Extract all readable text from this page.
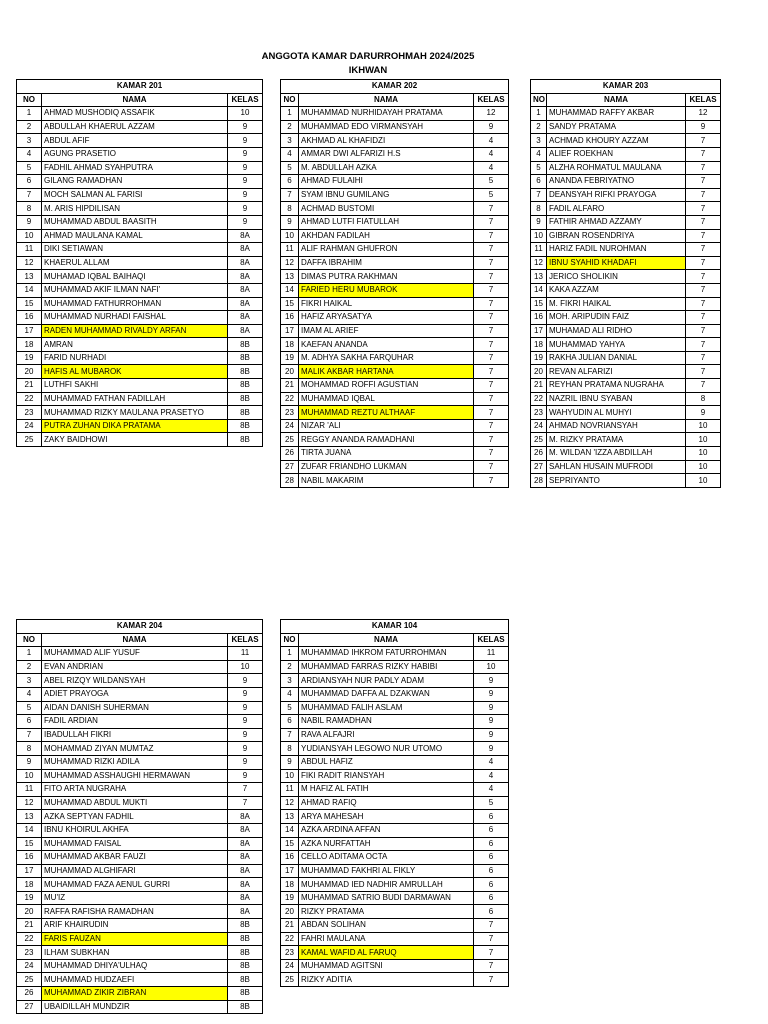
ANGGOTA KAMAR DARURROHMAH 2024/2025
IKHWAN
KAMAR 201		
NO	NAMA	KELAS
1	AHMAD MUSHODIQ ASSAFIK	10
2	ABDULLAH KHAERUL AZZAM	9
3	ABDUL AFIF	9
4	AGUNG PRASETIO	9
5	FADHIL AHMAD SYAHPUTRA	9
6	GILANG RAMADHAN	9
7	MOCH SALMAN AL FARISI	9
8	M. ARIS HIPDILISAN	9
9	MUHAMMAD ABDUL BAASITH	9
10	AHMAD MAULANA KAMAL	8A
11	DIKI SETIAWAN	8A
12	KHAERUL ALLAM	8A
13	MUHAMAD IQBAL BAIHAQI	8A
14	MUHAMMAD AKIF ILMAN NAFI'	8A
15	MUHAMMAD FATHURROHMAN	8A
16	MUHAMMAD NURHADI FAISHAL	8A
17	RADEN MUHAMMAD RIVALDY ARFAN	8A
18	AMRAN	8B
19	FARID NURHADI	8B
20	HAFIS AL MUBAROK	8B
21	LUTHFI SAKHI	8B
22	MUHAMMAD FATHAN FADILLAH	8B
23	MUHAMMAD RIZKY MAULANA PRASETYO	8B
24	PUTRA ZUHAN DIKA PRATAMA	8B
25	ZAKY BAIDHOWI	8B
KAMAR 202		
NO	NAMA	KELAS
1	MUHAMMAD NURHIDAYAH PRATAMA	12
2	MUHAMMAD EDO VIRMANSYAH	9
3	AKHMAD AL KHAFIDZI	4
4	AMMAR DWI ALFARIZI H.S	4
5	M. ABDULLAH AZKA	4
6	AHMAD FULAIHI	5
7	SYAM IBNU GUMILANG	5
8	ACHMAD BUSTOMI	7
9	AHMAD LUTFI FIATULLAH	7
10	AKHDAN FADILAH	7
11	ALIF RAHMAN GHUFRON	7
12	DAFFA IBRAHIM	7
13	DIMAS PUTRA RAKHMAN	7
14	FARIED HERU MUBAROK	7
15	FIKRI HAIKAL	7
16	HAFIZ ARYASATYA	7
17	IMAM AL ARIEF	7
18	KAEFAN ANANDA	7
19	M. ADHYA SAKHA FARQUHAR	7
20	MALIK AKBAR HARTANA	7
21	MOHAMMAD ROFFI AGUSTIAN	7
22	MUHAMMAD IQBAL	7
23	MUHAMMAD REZTU ALTHAAF	7
24	NIZAR 'ALI	7
25	REGGY ANANDA RAMADHANI	7
26	TIRTA JUANA	7
27	ZUFAR FRIANDHO LUKMAN	7
28	NABIL MAKARIM	7
KAMAR 203		
NO	NAMA	KELAS
1	MUHAMMAD RAFFY AKBAR	12
2	SANDY PRATAMA	9
3	ACHMAD KHOURY AZZAM	7
4	ALIEF ROEKHAN	7
5	ALZHA ROHMATUL MAULANA	7
6	ANANDA FEBRIYATNO	7
7	DEANSYAH RIFKI PRAYOGA	7
8	FADIL ALFARO	7
9	FATHIR AHMAD AZZAMY	7
10	GIBRAN ROSENDRIYA	7
11	HARIZ FADIL NUROHMAN	7
12	IBNU SYAHID KHADAFI	7
13	JERICO SHOLIKIN	7
14	KAKA AZZAM	7
15	M. FIKRI HAIKAL	7
16	MOH. ARIPUDIN FAIZ	7
17	MUHAMAD ALI RIDHO	7
18	MUHAMMAD YAHYA	7
19	RAKHA JULIAN DANIAL	7
20	REVAN ALFARIZI	7
21	REYHAN PRATAMA NUGRAHA	7
22	NAZRIL IBNU SYABAN	8
23	WAHYUDIN AL MUHYI	9
24	AHMAD NOVRIANSYAH	10
25	M. RIZKY PRATAMA	10
26	M. WILDAN 'IZZA ABDILLAH	10
27	SAHLAN HUSAIN MUFRODI	10
28	SEPRIYANTO	10
KAMAR 204		
NO	NAMA	KELAS
1	MUHAMMAD ALIF YUSUF	11
2	EVAN ANDRIAN	10
3	ABEL RIZQY WILDANSYAH	9
4	ADIET PRAYOGA	9
5	AIDAN DANISH SUHERMAN	9
6	FADIL ARDIAN	9
7	IBADULLAH FIKRI	9
8	MOHAMMAD ZIYAN MUMTAZ	9
9	MUHAMMAD RIZKI ADILA	9
10	MUHAMMAD ASSHAUGHI HERMAWAN	9
11	FITO ARTA NUGRAHA	7
12	MUHAMMAD ABDUL MUKTI	7
13	AZKA SEPTYAN FADHIL	8A
14	IBNU KHOIRUL AKHFA	8A
15	MUHAMMAD FAISAL	8A
16	MUHAMMAD AKBAR FAUZI	8A
17	MUHAMMAD ALGHIFARI	8A
18	MUHAMMAD FAZA AENUL GURRI	8A
19	MU'IZ	8A
20	RAFFA RAFISHA RAMADHAN	8A
21	ARIF KHAIRUDIN	8B
22	FARIS FAUZAN	8B
23	ILHAM SUBKHAN	8B
24	MUHAMMAD DHIYA'ULHAQ	8B
25	MUHAMMAD HUDZAEFI	8B
26	MUHAMMAD ZIKIR ZIBRAN	8B
27	UBAIDILLAH MUNDZIR	8B
KAMAR 104		
NO	NAMA	KELAS
1	MUHAMMAD IHKROM FATURROHMAN	11
2	MUHAMMAD FARRAS RIZKY HABIBI	10
3	ARDIANSYAH NUR PADLY ADAM	9
4	MUHAMMAD DAFFA AL DZAKWAN	9
5	MUHAMMAD FALIH ASLAM	9
6	NABIL RAMADHAN	9
7	RAVA ALFAJRI	9
8	YUDIANSYAH LEGOWO NUR UTOMO	9
9	ABDUL HAFIZ	4
10	FIKI RADIT RIANSYAH	4
11	M HAFIZ AL FATIH	4
12	AHMAD RAFIQ	5
13	ARYA MAHESAH	6
14	AZKA ARDINA AFFAN	6
15	AZKA NURFATTAH	6
16	CELLO ADITAMA OCTA	6
17	MUHAMMAD FAKHRI AL FIKLY	6
18	MUHAMMAD IED NADHIR AMRULLAH	6
19	MUHAMMAD SATRIO BUDI DARMAWAN	6
20	RIZKY PRATAMA	6
21	ABDAN SOLIHAN	7
22	FAHRI MAULANA	7
23	KAMAL WAFID AL FARUQ	7
24	MUHAMMAD AGITSNI	7
25	RIZKY ADITIA	7
